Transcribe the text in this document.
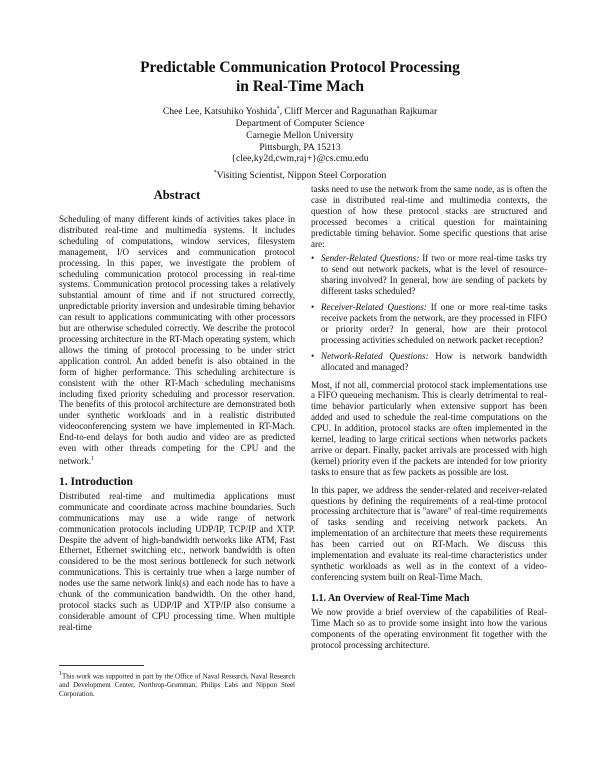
Predictable Communication Protocol Processing
in Real-Time Mach
Chee Lee, Katsuhiko Yoshida*, Cliff Mercer and Ragunathan Rajkumar
Department of Computer Science
Carnegie Mellon University
Pittsburgh, PA 15213
{clee,ky2d,cwm,raj+}@cs.cmu.edu
*Visiting Scientist, Nippon Steel Corporation
Abstract

Scheduling of many different kinds of activities takes place in distributed real-time and multimedia systems. It includes scheduling of computations, window services, filesystem management, I/O services and communication protocol processing. In this paper, we investigate the problem of scheduling communication protocol processing in real-time systems. Communication protocol processing takes a relatively substantial amount of time and if not structured correctly, unpredictable priority inversion and undesirable timing behavior can result to applications communicating with other processors but are otherwise scheduled correctly. We describe the protocol processing architecture in the RT-Mach operating system, which allows the timing of protocol processing to be under strict application control. An added benefit is also obtained in the form of higher performance. This scheduling architecture is consistent with the other RT-Mach scheduling mechanisms including fixed priority scheduling and processor reservation. The benefits of this protocol architecture are demonstrated both under synthetic workloads and in a realistic distributed videoconferencing system we have implemented in RT-Mach. End-to-end delays for both audio and video are as predicted even with other threads competing for the CPU and the network.$^1$

1. Introduction

Distributed real-time and multimedia applications must communicate and coordinate across machine boundaries. Such communications may use a wide range of network communication protocols including UDP/IP, TCP/IP and XTP. Despite the advent of high-bandwidth networks like ATM, Fast Ethernet, Ethernet switching etc., network bandwidth is often considered to be the most serious bottleneck for such network communications. This is certainly true when a large number of nodes use the same network link(s) and each node has to have a chunk of the communication bandwidth. On the other hand, protocol stacks such as UDP/IP and XTP/IP also consume a considerable amount of CPU processing time. When multiple real-time

$^1$This work was supported in part by the Office of Naval Research, Naval Research and Development Center, Northrop-Grumman, Philips Labs and Nippon Steel Corporation.

tasks need to use the network from the same node, as is often the case in distributed real-time and multimedia contexts, the question of how these protocol stacks are structured and processed becomes a critical question for maintaining predictable timing behavior. Some specific questions that arise are:

• Sender-Related Questions: If two or more real-time tasks try to send out network packets, what is the level of resource-sharing involved? In general, how are sending of packets by different tasks scheduled?
• Receiver-Related Questions: If one or more real-time tasks receive packets from the network, are they processed in FIFO or priority order? In general, how are their protocol processing activities scheduled on network packet reception?
• Network-Related Questions: How is network bandwidth allocated and managed?

Most, if not all, commercial protocol stack implementations use a FIFO queueing mechanism. This is clearly detrimental to real-time behavior particularly when extensive support has been added and used to schedule the real-time computations on the CPU. In addition, protocol stacks are often implemented in the kernel, leading to large critical sections when networks packets arrive or depart. Finally, packet arrivals are processed with high (kernel) priority even if the packets are intended for low priority tasks to ensure that as few packets as possible are lost.

In this paper, we address the sender-related and receiver-related questions by defining the requirements of a real-time protocol processing architecture that is "aware" of real-time requirements of tasks sending and receiving network packets. An implementation of an architecture that meets these requirements has been carried out on RT-Mach. We discuss this implementation and evaluate its real-time characteristics under synthetic workloads as well as in the context of a video-conferencing system built on Real-Time Mach.

1.1. An Overview of Real-Time Mach

We now provide a brief overview of the capabilities of Real-Time Mach so as to provide some insight into how the various components of the operating environment fit together with the protocol processing architecture.
